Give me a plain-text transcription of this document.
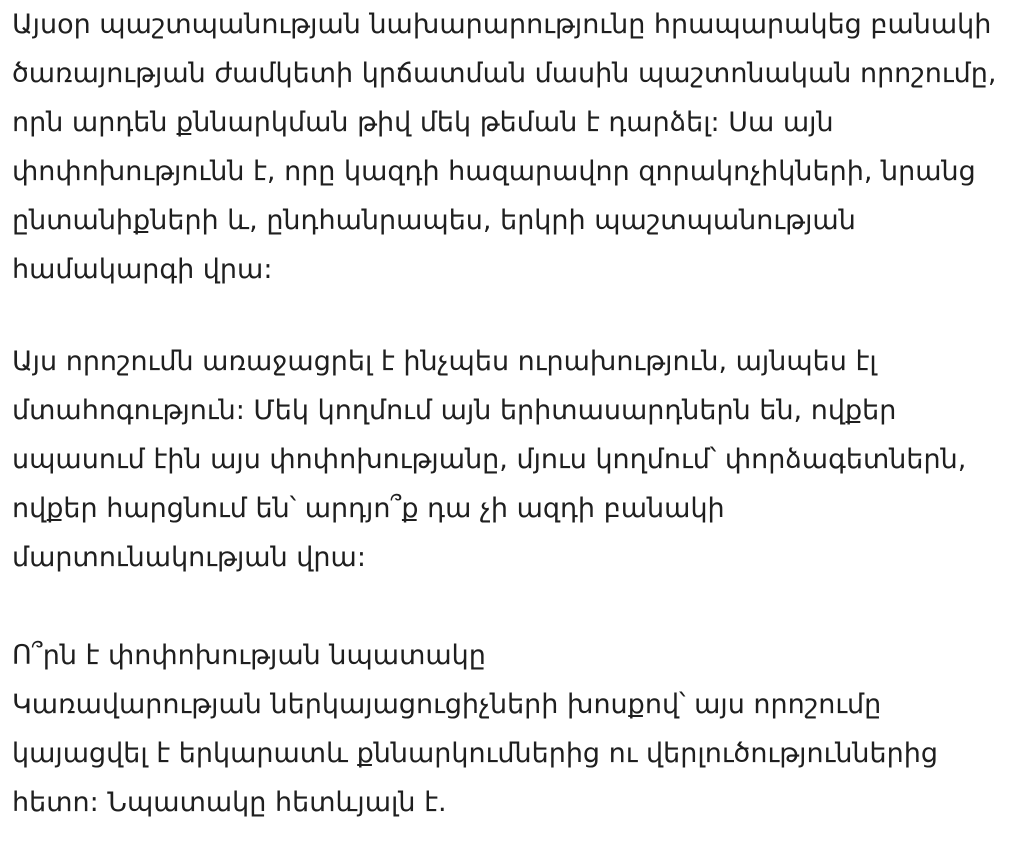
Այսօր պաշտպանության նախարարությունը հրապարակեց բանակի
ծառայության ժամկետի կրճատման մասին պաշտոնական որոշումը,
որն արդեն քննարկման թիվ մեկ թեման է դարձել: Սա այն
փոփոխությունն է, որը կազդի հազարավոր զորակոչիկների, նրանց
ընտանիքների և, ընդհանրապես, երկրի պաշտպանության
համակարգի վրա:
Այս որոշումն առաջացրել է ինչպես ուրախություն, այնպես էլ
մտահոգություն: Մեկ կողմում այն երիտասարդներն են, ովքեր
սպասում էին այս փոփոխությանը, մյուս կողմում՝ փորձագետներն,
ովքեր հարցնում են՝ արդյո՞ք դա չի ազդի բանակի
մարտունակության վրա:
Ո՞րն է փոփոխության նպատակը
Կառավարության ներկայացուցիչների խոսքով՝ այս որոշումը
կայացվել է երկարատև քննարկումներից ու վերլուծություններից
հետո: Նպատակը հետևյալն է.
